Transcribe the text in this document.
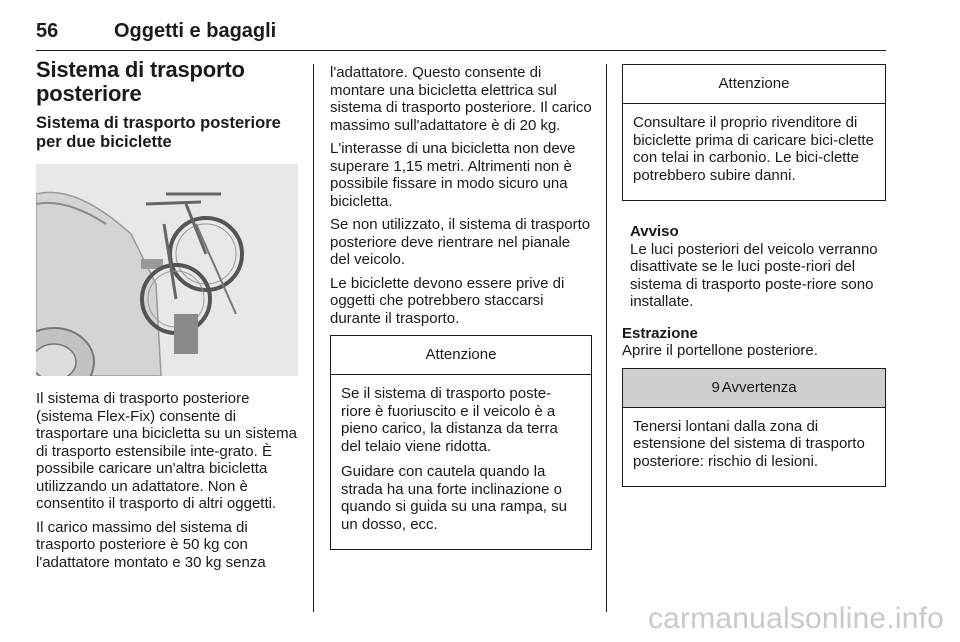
56	Oggetti e bagagli
Sistema di trasporto posteriore
Sistema di trasporto posteriore per due biciclette

Il sistema di trasporto posteriore (sistema Flex-Fix) consente di trasportare una bicicletta su un sistema di trasporto estensibile inte-grato. È possibile caricare un'altra bicicletta utilizzando un adattatore. Non è consentito il trasporto di altri oggetti.

Il carico massimo del sistema di trasporto posteriore è 50 kg con l'adattatore montato e 30 kg senza

l'adattatore. Questo consente di montare una bicicletta elettrica sul sistema di trasporto posteriore. Il carico massimo sull'adattatore è di 20 kg.

L'interasse di una bicicletta non deve superare 1,15 metri. Altrimenti non è possibile fissare in modo sicuro una bicicletta.

Se non utilizzato, il sistema di trasporto posteriore deve rientrare nel pianale del veicolo.

Le biciclette devono essere prive di oggetti che potrebbero staccarsi durante il trasporto.

Attenzione

Se il sistema di trasporto poste-riore è fuoriuscito e il veicolo è a pieno carico, la distanza da terra del telaio viene ridotta.

Guidare con cautela quando la strada ha una forte inclinazione o quando si guida su una rampa, su un dosso, ecc.

Attenzione

Consultare il proprio rivenditore di biciclette prima di caricare bici-clette con telai in carbonio. Le bici-clette potrebbero subire danni.

Avviso
Le luci posteriori del veicolo verranno disattivate se le luci poste-riori del sistema di trasporto poste-riore sono installate.
Estrazione

Aprire il portellone posteriore.

9 Avvertenza

Tenersi lontani dalla zona di estensione del sistema di trasporto posteriore: rischio di lesioni.

carmanualsonline.info
